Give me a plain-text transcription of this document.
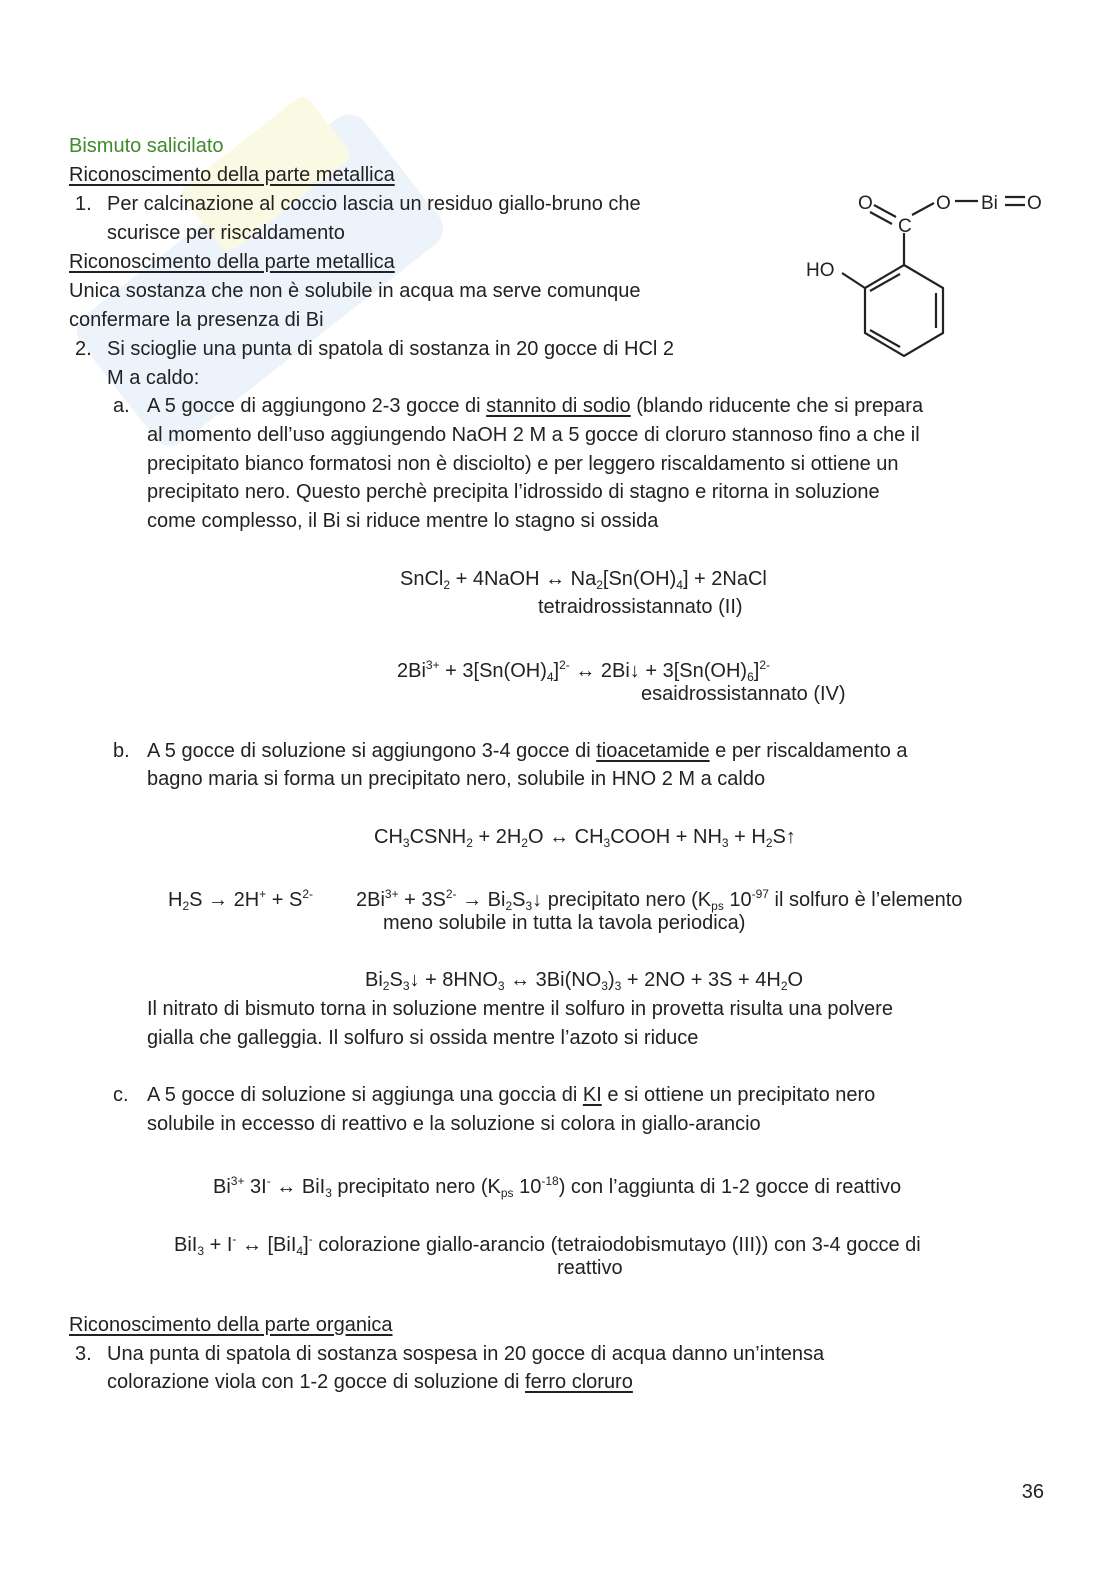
Bismuto salicilato
Riconoscimento della parte metallica
1. Per calcinazione al coccio lascia un residuo giallo-bruno che
scurisce per riscaldamento
Riconoscimento della parte metallica
Unica sostanza che non è solubile in acqua ma serve comunque
confermare la presenza di Bi
2. Si scioglie una punta di spatola di sostanza in 20 gocce di HCl 2
M a caldo:
a. A 5 gocce di aggiungono 2-3 gocce di stannito di sodio (blando riducente che si prepara
al momento dell’uso aggiungendo NaOH 2 M a 5 gocce di cloruro stannoso fino a che il
precipitato bianco formatosi non è disciolto) e per leggero riscaldamento si ottiene un
precipitato nero. Questo perchè precipita l’idrossido di stagno e ritorna in soluzione
come complesso, il Bi si riduce mentre lo stagno si ossida
SnCl$_2$ + 4NaOH ↔ $Na_2[Sn(OH)_4]$ + 2NaCl
tetraidrossistannato (II)
$2Bi^{3+} + 3[Sn(OH)_4]^{2-}$ ↔ 2Bi↓ + $3[Sn(OH)_6]^{2-}$
esaidrossistannato (IV)
b. A 5 gocce di soluzione si aggiungono 3-4 gocce di tioacetamide e per riscaldamento a
bagno maria si forma un precipitato nero, solubile in HNO 2 M a caldo
$CH_3CSNH_2 + 2H_2O$ ↔ $CH_3COOH + NH_3$ + $H_2S↑$
$H_2S \to 2H^+ + S^{2-}$ $2Bi^{3+} + 3S^{2-}$ → $Bi_2S_3↓$ precipitato nero ($K_{ps}$ $10^{-97}$ il solfuro è l’elemento
meno solubile in tutta la tavola periodica)
$Bi_2S_3↓ + 8HNO_3$ ↔ $3Bi(NO_3)_3 + 2NO + 3S + 4H_2O$
Il nitrato di bismuto torna in soluzione mentre il solfuro in provetta risulta una polvere
gialla che galleggia. Il solfuro si ossida mentre l’azoto si riduce
c. A 5 gocce di soluzione si aggiunga una goccia di KI e si ottiene un precipitato nero
solubile in eccesso di reattivo e la soluzione si colora in giallo-arancio
$Bi^{3+}$ 3I- ↔ BiI$_3$ precipitato nero ($K_{ps}$ $10^{-18}$) con l’aggiunta di 1-2 gocce di reattivo
BiI$_3$ + I- ↔ [BiI$_4$]- colorazione giallo-arancio (tetraiodobismutayo (III)) con 3-4 gocce di
reattivo
Riconoscimento della parte organica
3. Una punta di spatola di sostanza sospesa in 20 gocce di acqua danno un’intensa
colorazione viola con 1-2 gocce di soluzione di ferro cloruro
O
C
O Bi O
HO
36
